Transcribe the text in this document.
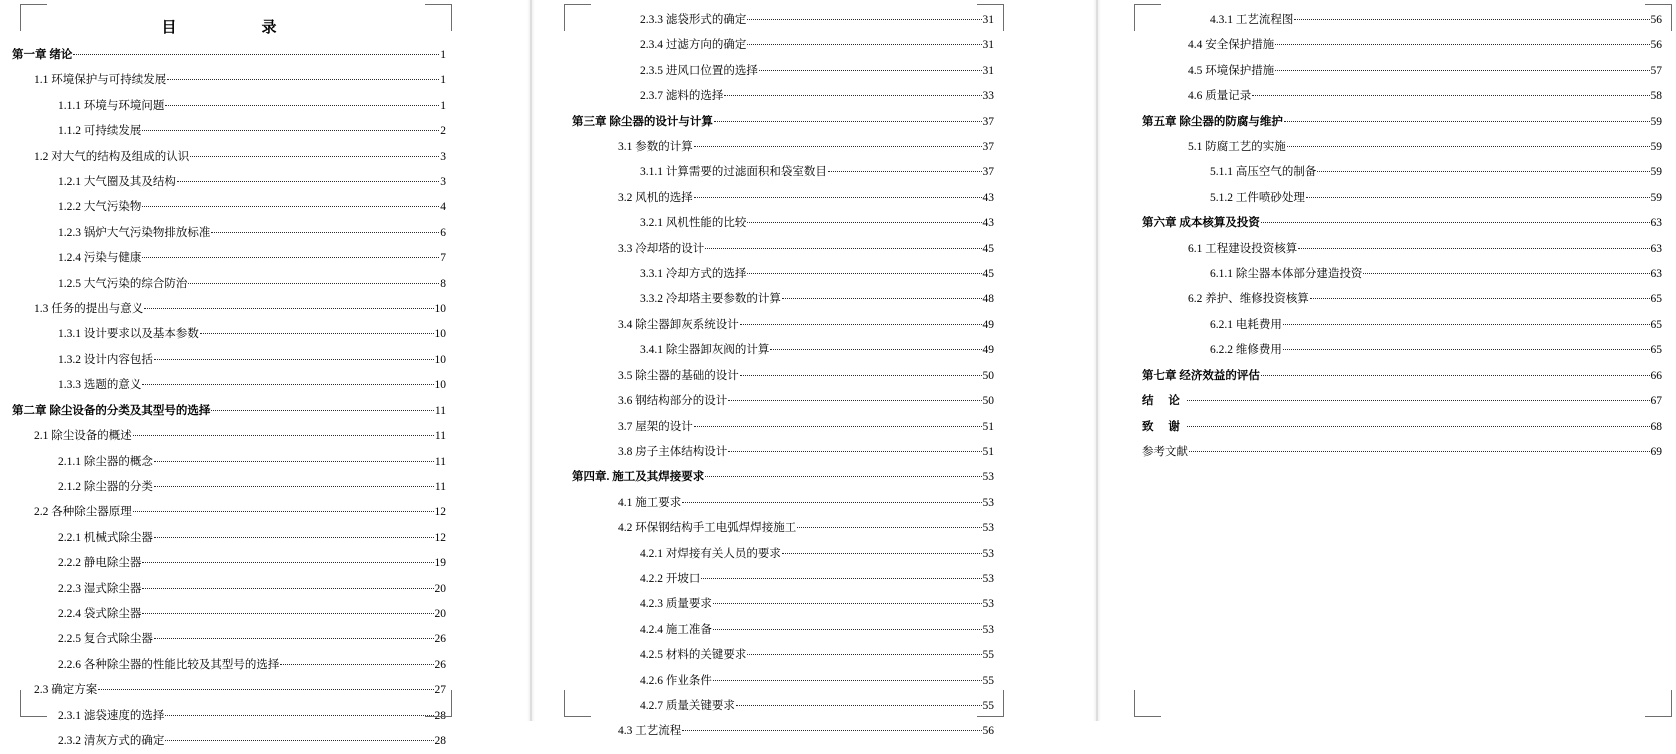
目    录
第一章 绪论	1
1.1 环境保护与可持续发展	1
1.1.1 环境与环境问题	1
1.1.2 可持续发展	2
1.2 对大气的结构及组成的认识	3
1.2.1 大气圈及其及结构	3
1.2.2 大气污染物	4
1.2.3 锅炉大气污染物排放标准	6
1.2.4 污染与健康	7
1.2.5 大气污染的综合防治	8
1.3 任务的提出与意义	10
1.3.1 设计要求以及基本参数	10
1.3.2 设计内容包括	10
1.3.3 选题的意义	10
第二章 除尘设备的分类及其型号的选择	11
2.1 除尘设备的概述	11
2.1.1 除尘器的概念	11
2.1.2 除尘器的分类	11
2.2 各种除尘器原理	12
2.2.1 机械式除尘器	12
2.2.2 静电除尘器	19
2.2.3 湿式除尘器	20
2.2.4 袋式除尘器	20
2.2.5 复合式除尘器	26
2.2.6 各种除尘器的性能比较及其型号的选择	26
2.3 确定方案	27
2.3.1 滤袋速度的选择	28
2.3.2 清灰方式的确定	28
2.3.3 滤袋形式的确定	31
2.3.4 过滤方向的确定	31
2.3.5 进风口位置的选择	31
2.3.7 滤料的选择	33
第三章 除尘器的设计与计算	37
3.1 参数的计算	37
3.1.1 计算需要的过滤面积和袋室数目	37
3.2 风机的选择	43
3.2.1 风机性能的比较	43
3.3 冷却塔的设计	45
3.3.1 冷却方式的选择	45
3.3.2 冷却塔主要参数的计算	48
3.4 除尘器卸灰系统设计	49
3.4.1 除尘器卸灰阀的计算	49
3.5 除尘器的基础的设计	50
3.6 钢结构部分的设计	50
3.7 屋架的设计	51
3.8 房子主体结构设计	51
第四章. 施工及其焊接要求	53
4.1 施工要求	53
4.2 环保钢结构手工电弧焊焊接施工	53
4.2.1 对焊接有关人员的要求	53
4.2.2 开坡口	53
4.2.3 质量要求	53
4.2.4 施工准备	53
4.2.5 材料的关键要求	55
4.2.6 作业条件	55
4.2.7 质量关键要求	55
4.3 工艺流程	56
4.3.1 工艺流程图	56
4.4 安全保护措施	56
4.5 环境保护措施	57
4.6 质量记录	58
第五章 除尘器的防腐与维护	59
5.1 防腐工艺的实施	59
5.1.1 高压空气的制备	59
5.1.2 工件喷砂处理	59
第六章 成本核算及投资	63
6.1 工程建设投资核算	63
6.1.1 除尘器本体部分建造投资	63
6.2 养护、维修投资核算	65
6.2.1 电耗费用	65
6.2.2 维修费用	65
第七章 经济效益的评估	66
结 论	67
致 谢	68
参考文献	69
